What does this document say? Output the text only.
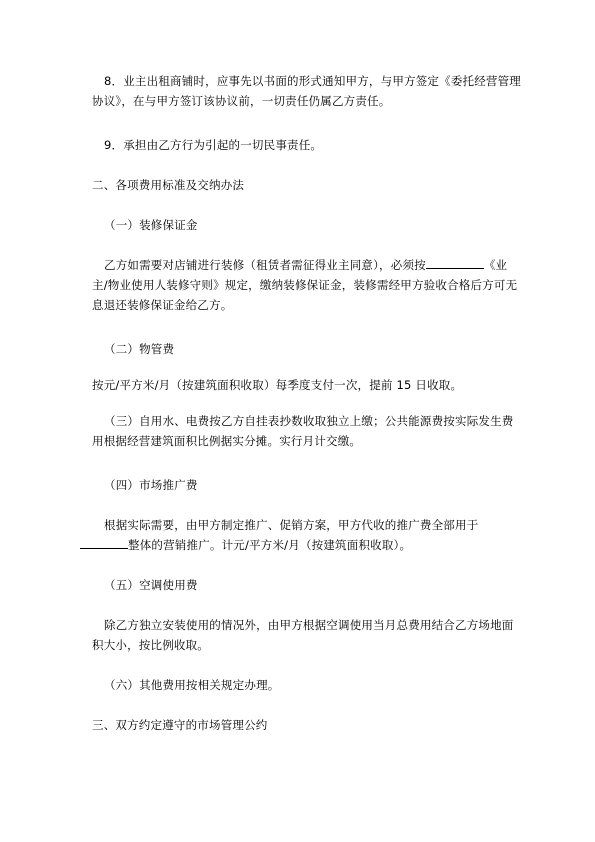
8．业主出租商铺时，应事先以书面的形式通知甲方，与甲方签定《委托经营管理协议》，在与甲方签订该协议前，一切责任仍属乙方责任。

9．承担由乙方行为引起的一切民事责任。

二、各项费用标准及交纳办法

（一）装修保证金

乙方如需要对店铺进行装修（租赁者需征得业主同意），必须按	《业主/物业使用人装修守则》规定，缴纳装修保证金，装修需经甲方验收合格后方可无息退还装修保证金给乙方。

（二）物管费

按元/平方米/月（按建筑面积收取）每季度支付一次，提前 15 日收取。

（三）自用水、电费按乙方自挂表抄数收取独立上缴；公共能源费按实际发生费用根据经营建筑面积比例据实分摊。实行月计交缴。

（四）市场推广费

根据实际需要，由甲方制定推广、促销方案，甲方代收的推广费全部用于
整体的营销推广。计元/平方米/月（按建筑面积收取）。

（五）空调使用费

除乙方独立安装使用的情况外，由甲方根据空调使用当月总费用结合乙方场地面积大小，按比例收取。

（六）其他费用按相关规定办理。

三、双方约定遵守的市场管理公约
